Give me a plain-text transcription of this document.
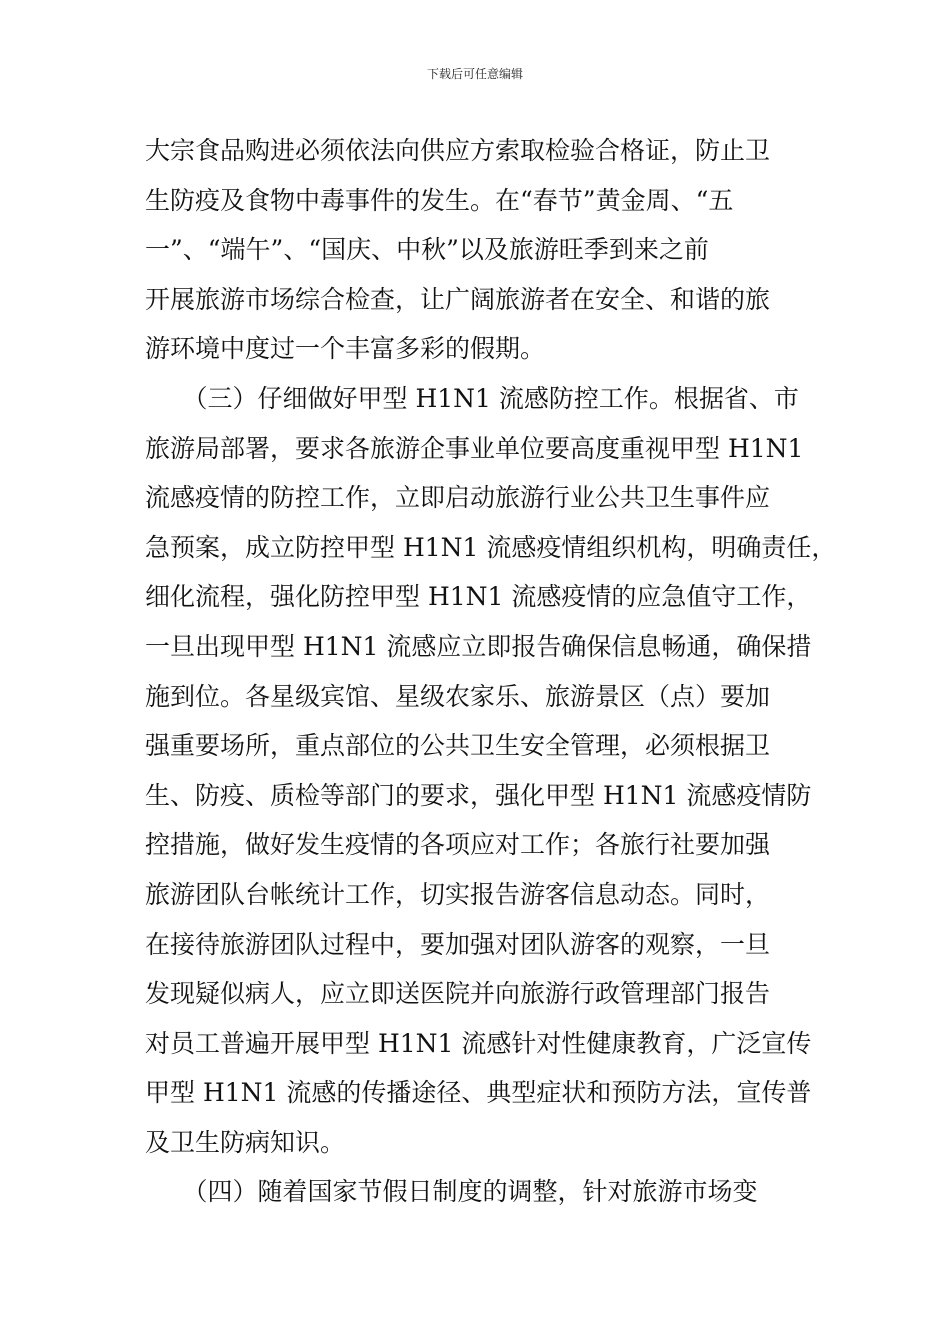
下载后可任意编辑
大宗食品购进必须依法向供应方索取检验合格证，防止卫
生防疫及食物中毒事件的发生。在“春节”黄金周、“五
一”、“端午”、“国庆、中秋”以及旅游旺季到来之前
开展旅游市场综合检查，让广阔旅游者在安全、和谐的旅
游环境中度过一个丰富多彩的假期。
　　（三）仔细做好甲型 H1N1 流感防控工作。根据省、市
旅游局部署，要求各旅游企事业单位要高度重视甲型 H1N1
流感疫情的防控工作，立即启动旅游行业公共卫生事件应
急预案，成立防控甲型 H1N1 流感疫情组织机构，明确责任，
细化流程，强化防控甲型 H1N1 流感疫情的应急值守工作，
一旦出现甲型 H1N1 流感应立即报告确保信息畅通，确保措
施到位。各星级宾馆、星级农家乐、旅游景区（点）要加
强重要场所，重点部位的公共卫生安全管理，必须根据卫
生、防疫、质检等部门的要求，强化甲型 H1N1 流感疫情防
控措施，做好发生疫情的各项应对工作；各旅行社要加强
旅游团队台帐统计工作，切实报告游客信息动态。同时，
在接待旅游团队过程中，要加强对团队游客的观察，一旦
发现疑似病人，应立即送医院并向旅游行政管理部门报告
对员工普遍开展甲型 H1N1 流感针对性健康教育，广泛宣传
甲型 H1N1 流感的传播途径、典型症状和预防方法，宣传普
及卫生防病知识。
　　（四）随着国家节假日制度的调整，针对旅游市场变
